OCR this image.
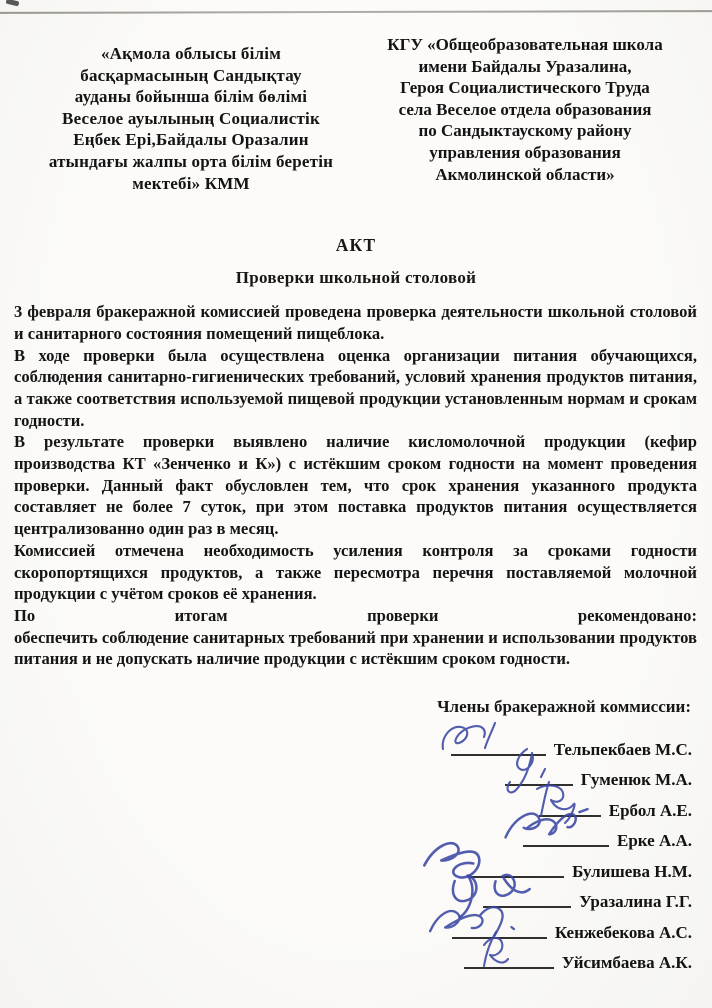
«Ақмола облысы білім
басқармасының Сандықтау
ауданы бойынша білім бөлімі
Веселое ауылының Социалистік
Еңбек Ері,Байдалы Оразалин
атындағы жалпы орта білім беретін
мектебі» КММ
КГУ «Общеобразовательная школа
имени Байдалы Уразалина,
Героя Социалистического Труда
села Веселое отдела образования
по Сандыктаускому району
управления образования
Акмолинской области»
АКТ
Проверки школьной столовой

3 февраля бракеражной комиссией проведена проверка деятельности школьной столовой и санитарного состояния помещений пищеблока.

В ходе проверки была осуществлена оценка организации питания обучающихся, соблюдения санитарно-гигиенических требований, условий хранения продуктов питания, а также соответствия используемой пищевой продукции установленным нормам и срокам годности.

В результате проверки выявлено наличие кисломолочной продукции (кефир производства КТ «Зенченко и К») с истёкшим сроком годности на момент проведения проверки. Данный факт обусловлен тем, что срок хранения указанного продукта составляет не более 7 суток, при этом поставка продуктов питания осуществляется централизованно один раз в месяц.

Комиссией отмечена необходимость усиления контроля за сроками годности скоропортящихся продуктов, а также пересмотра перечня поставляемой молочной продукции с учётом сроков её хранения.

По итогам проверки рекомендовано:

обеспечить соблюдение санитарных требований при хранении и использовании продуктов питания и не допускать наличие продукции с истёкшим сроком годности.

Члены бракеражной коммиссии:
Тельпекбаев М.С.
Гуменюк М.А.
Ербол А.Е.
Ерке А.А.
Булишева Н.М.
Уразалина Г.Г.
Кенжебекова А.С.
Уйсимбаева А.К.
